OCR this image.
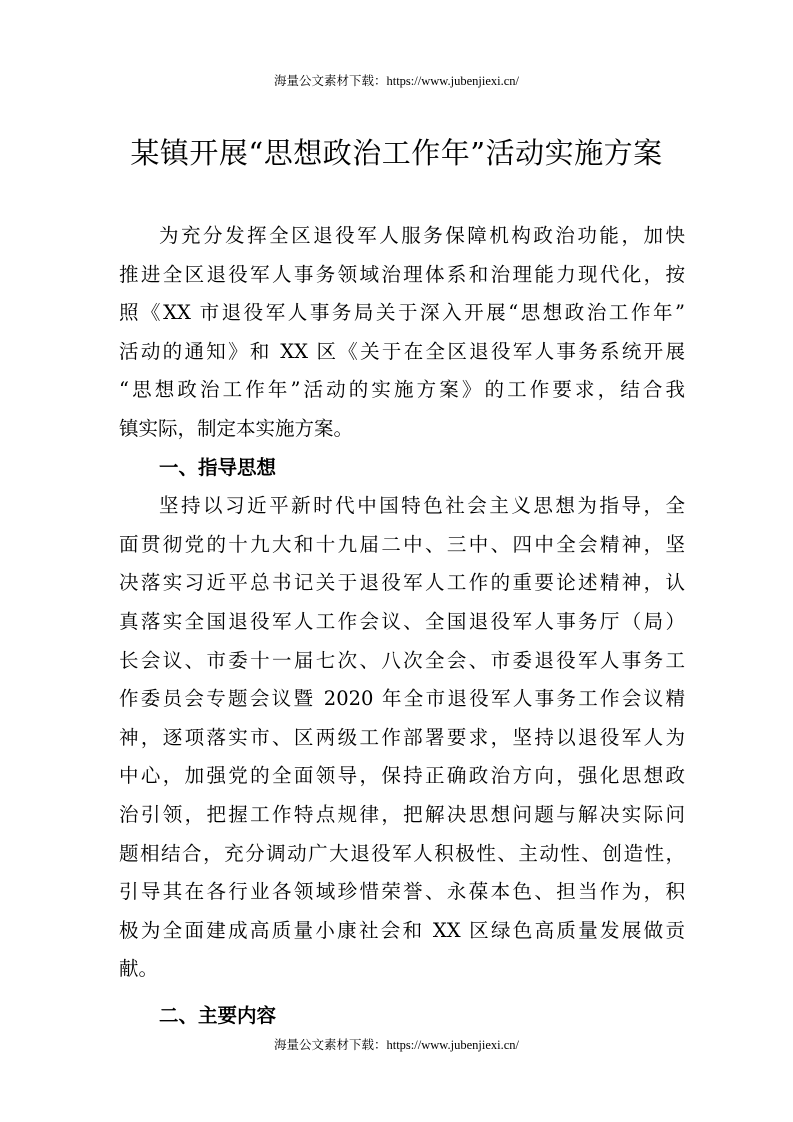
海量公文素材下载：https://www.jubenjiexi.cn/
某镇开展“思想政治工作年”活动实施方案
为充分发挥全区退役军人服务保障机构政治功能，加快
推进全区退役军人事务领域治理体系和治理能力现代化，按
照《XX 市退役军人事务局关于深入开展“思想政治工作年”
活动的通知》和 XX 区《关于在全区退役军人事务系统开展
“思想政治工作年”活动的实施方案》的工作要求，结合我
镇实际，制定本实施方案。
一、指导思想
坚持以习近平新时代中国特色社会主义思想为指导，全
面贯彻党的十九大和十九届二中、三中、四中全会精神，坚
决落实习近平总书记关于退役军人工作的重要论述精神，认
真落实全国退役军人工作会议、全国退役军人事务厅（局）
长会议、市委十一届七次、八次全会、市委退役军人事务工
作委员会专题会议暨 2020 年全市退役军人事务工作会议精
神，逐项落实市、区两级工作部署要求，坚持以退役军人为
中心，加强党的全面领导，保持正确政治方向，强化思想政
治引领，把握工作特点规律，把解决思想问题与解决实际问
题相结合，充分调动广大退役军人积极性、主动性、创造性，
引导其在各行业各领域珍惜荣誉、永葆本色、担当作为，积
极为全面建成高质量小康社会和 XX 区绿色高质量发展做贡
献。
二、主要内容
海量公文素材下载：https://www.jubenjiexi.cn/
